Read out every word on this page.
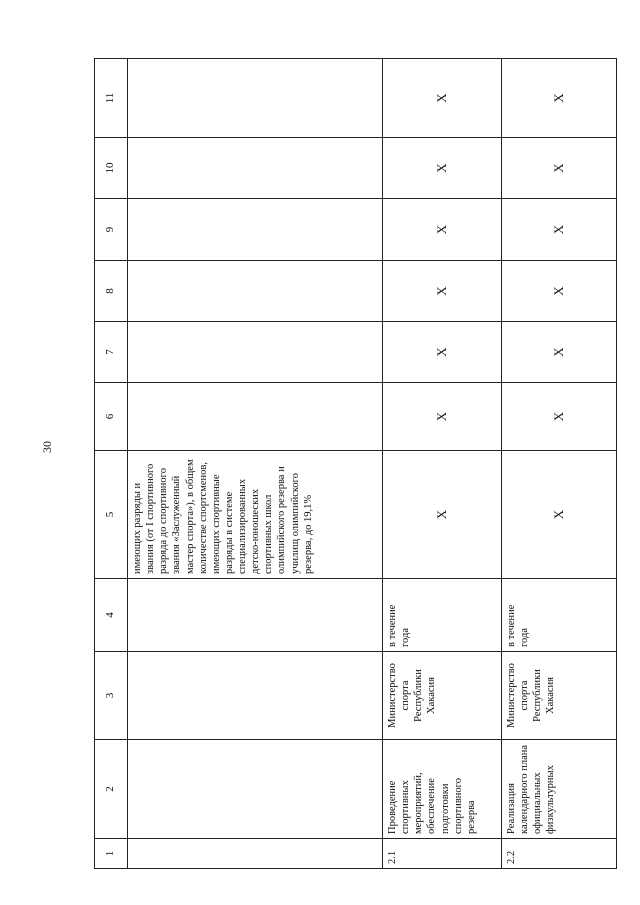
30
1	2	3	4	5	6	7	8	9	10	11
				имеющих разряды и звания (от I спортивного разряда до спортивного звания «Заслуженный мастер спорта»), в общем количестве спортсменов, имеющих спортивные разряды в системе специализированных детско-юношеских спортивных школ олимпийского резерва и училищ олимпийского резерва, до 19,1%						
2.1	Проведение спортивных мероприятий, обеспечение подготовки спортивного резерва	Министерство спорта Республики Хакасия	в течение года	Х	Х	Х	Х	Х	Х	Х
2.2	Реализация календарного плана официальных физкультурных	Министерство спорта Республики Хакасия	в течение года	Х	Х	Х	Х	Х	Х	Х
